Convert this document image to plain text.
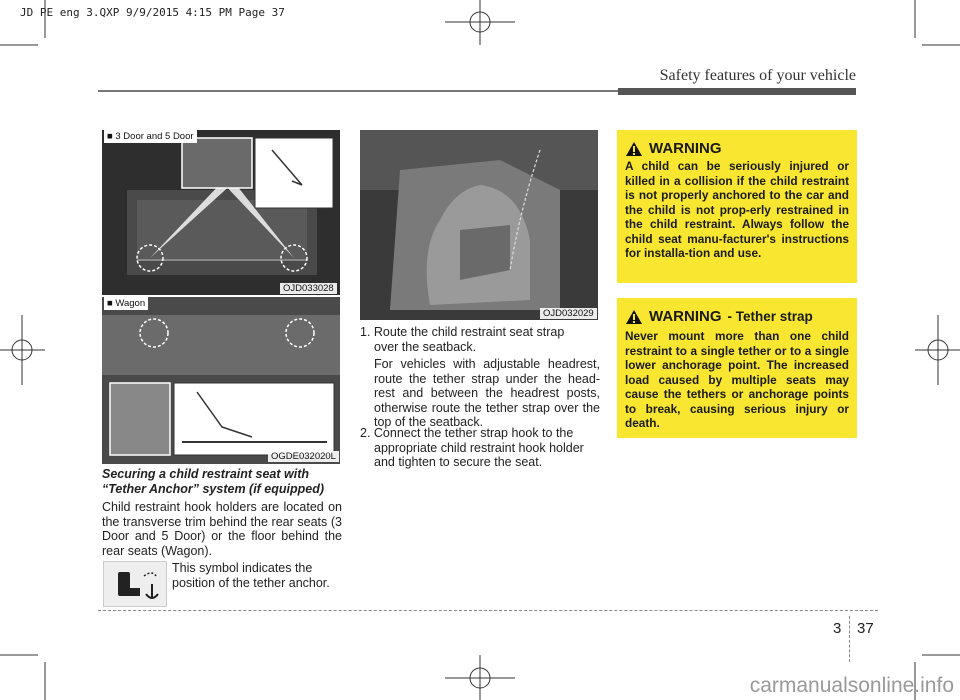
JD PE eng 3.QXP 9/9/2015 4:15 PM Page 37
Safety features of your vehicle
■ 3 Door and 5 Door
OJD033028
■ Wagon
OGDE032020L
OJD032029
Securing a child restraint seat with
“Tether Anchor” system (if equipped)
Child restraint hook holders are located on the transverse trim behind the rear seats (3 Door and 5 Door) or the floor behind the rear seats (Wagon).
This symbol indicates the
position of the tether anchor.
1. Route the child restraint seat strap
over the seatback.
For vehicles with adjustable headrest, route the tether strap under the head-rest and between the headrest posts, otherwise route the tether strap over the top of the seatback.
2. Connect the tether strap hook to the
appropriate child restraint hook holder and tighten to secure the seat.
WARNING
A child can be seriously injured or killed in a collision if the child restraint is not properly anchored to the car and the child is not prop-erly restrained in the child restraint. Always follow the child seat manu-facturer's instructions for installa-tion and use.
WARNING - Tether strap
Never mount more than one child restraint to a single tether or to a single lower anchorage point. The increased load caused by multiple seats may cause the tethers or anchorage points to break, causing serious injury or death.
3 37
carmanualsonline.info
